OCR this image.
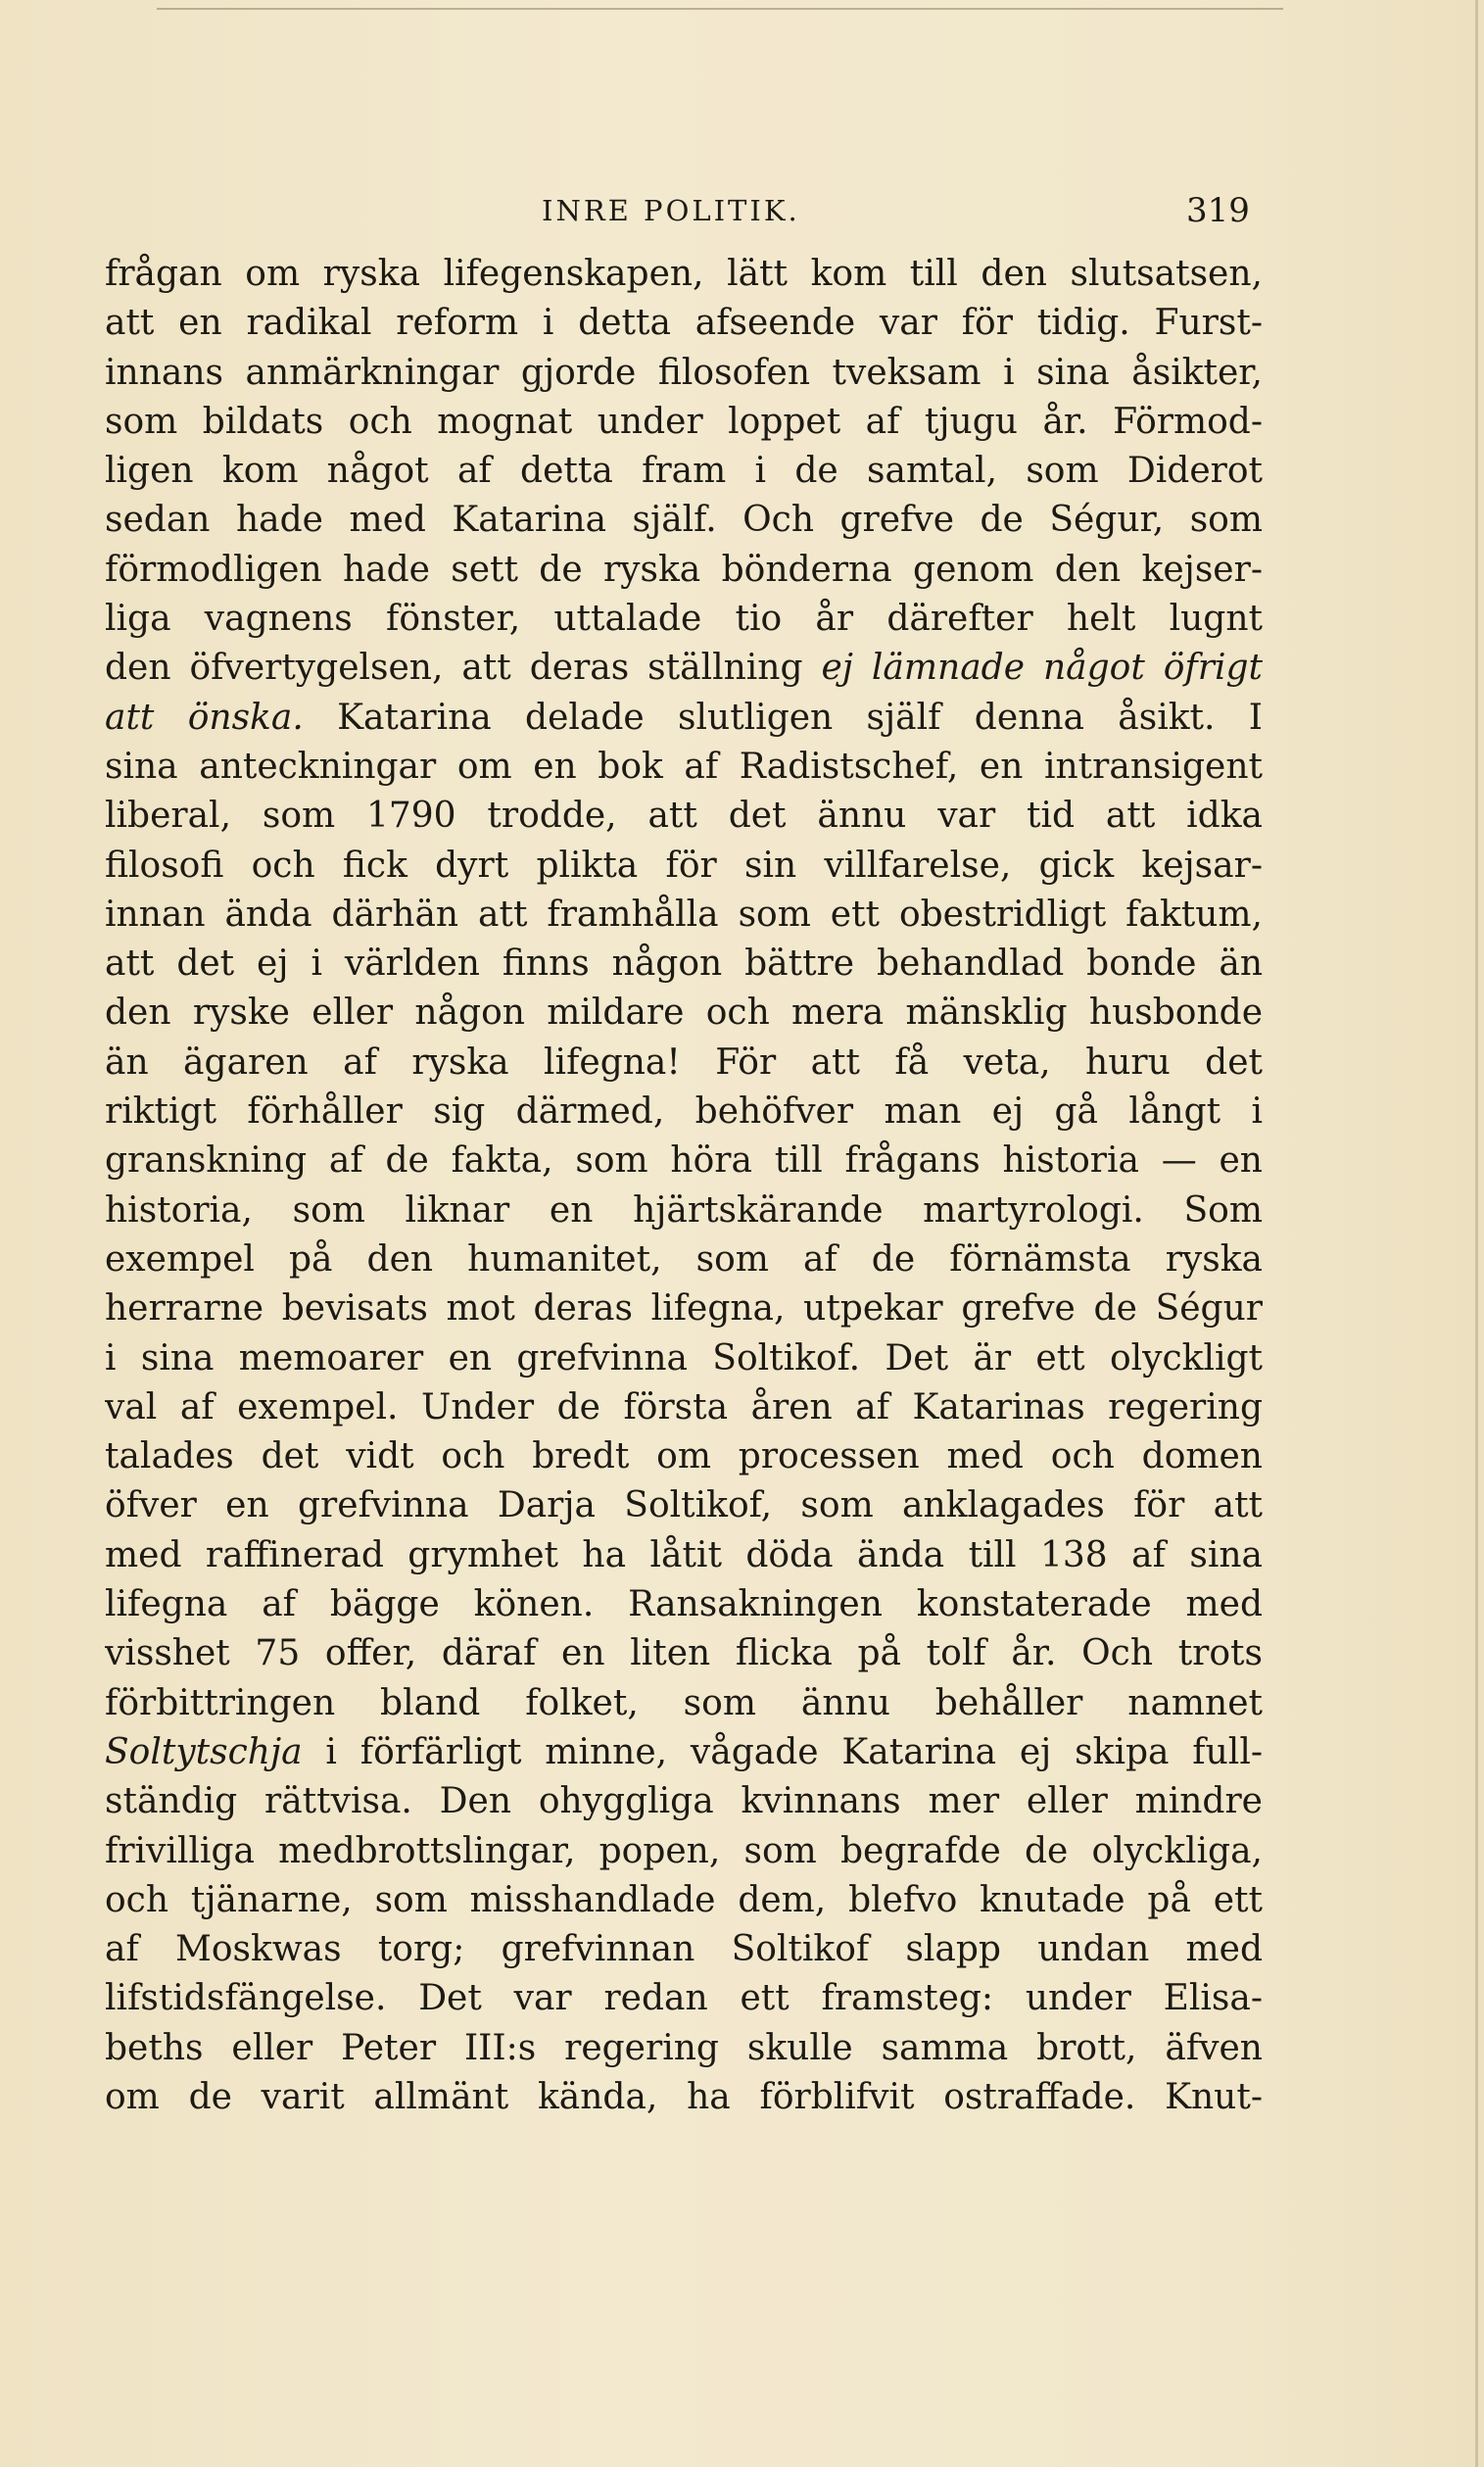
INRE POLITIK.	319
frågan om ryska lifegenskapen, lätt kom till den slutsatsen,
att en radikal reform i detta afseende var för tidig. Furst-
innans anmärkningar gjorde filosofen tveksam i sina åsikter,
som bildats och mognat under loppet af tjugu år. Förmod-
ligen kom något af detta fram i de samtal, som Diderot
sedan hade med Katarina själf. Och grefve de Ségur, som
förmodligen hade sett de ryska bönderna genom den kejser-
liga vagnens fönster, uttalade tio år därefter helt lugnt
den öfvertygelsen, att deras ställning ej lämnade något öfrigt
att önska. Katarina delade slutligen själf denna åsikt. I
sina anteckningar om en bok af Radistschef, en intransigent
liberal, som 1790 trodde, att det ännu var tid att idka
filosofi och fick dyrt plikta för sin villfarelse, gick kejsar-
innan ända därhän att framhålla som ett obestridligt faktum,
att det ej i världen finns någon bättre behandlad bonde än
den ryske eller någon mildare och mera mänsklig husbonde
än ägaren af ryska lifegna! För att få veta, huru det
riktigt förhåller sig därmed, behöfver man ej gå långt i
granskning af de fakta, som höra till frågans historia — en
historia, som liknar en hjärtskärande martyrologi. Som
exempel på den humanitet, som af de förnämsta ryska
herrarne bevisats mot deras lifegna, utpekar grefve de Ségur
i sina memoarer en grefvinna Soltikof. Det är ett olyckligt
val af exempel. Under de första åren af Katarinas regering
talades det vidt och bredt om processen med och domen
öfver en grefvinna Darja Soltikof, som anklagades för att
med raffinerad grymhet ha låtit döda ända till 138 af sina
lifegna af bägge könen. Ransakningen konstaterade med
visshet 75 offer, däraf en liten flicka på tolf år. Och trots
förbittringen bland folket, som ännu behåller namnet
Soltytschja i förfärligt minne, vågade Katarina ej skipa full-
ständig rättvisa. Den ohyggliga kvinnans mer eller mindre
frivilliga medbrottslingar, popen, som begrafde de olyckliga,
och tjänarne, som misshandlade dem, blefvo knutade på ett
af Moskwas torg; grefvinnan Soltikof slapp undan med
lifstidsfängelse. Det var redan ett framsteg: under Elisa-
beths eller Peter III:s regering skulle samma brott, äfven
om de varit allmänt kända, ha förblifvit ostraffade. Knut-
